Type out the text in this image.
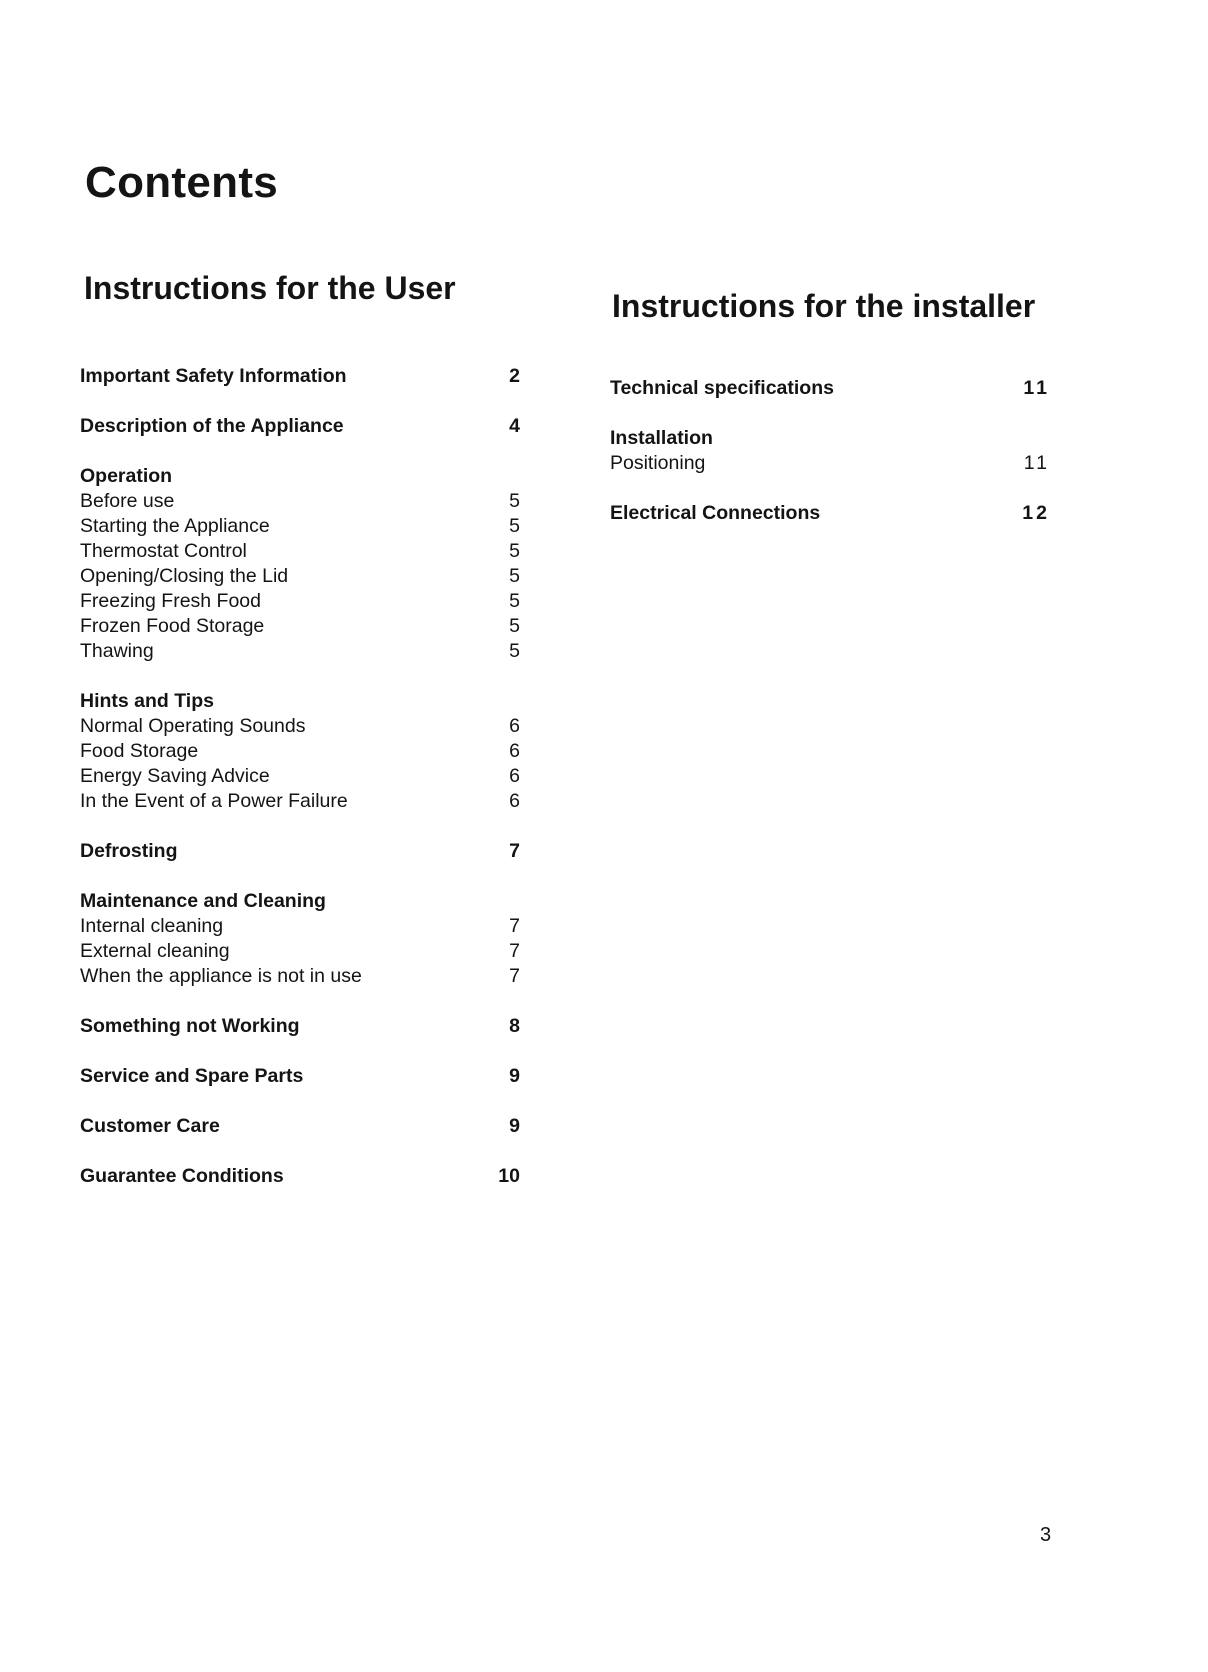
Contents
Instructions for the User	Instructions for the installer
Important Safety Information	2
Description of the Appliance	4
Operation
Before use	5
Starting the Appliance	5
Thermostat Control	5
Opening/Closing the Lid	5
Freezing Fresh Food	5
Frozen Food Storage	5
Thawing	5
Hints and Tips
Normal Operating Sounds	6
Food Storage	6
Energy Saving Advice	6
In the Event of a Power Failure	6
Defrosting	7
Maintenance and Cleaning
Internal cleaning	7
External cleaning	7
When the appliance is not in use	7
Something not Working	8
Service and Spare Parts	9
Customer Care	9
Guarantee Conditions	10
Technical specifications	11
Installation
Positioning	11
Electrical Connections	12
3
